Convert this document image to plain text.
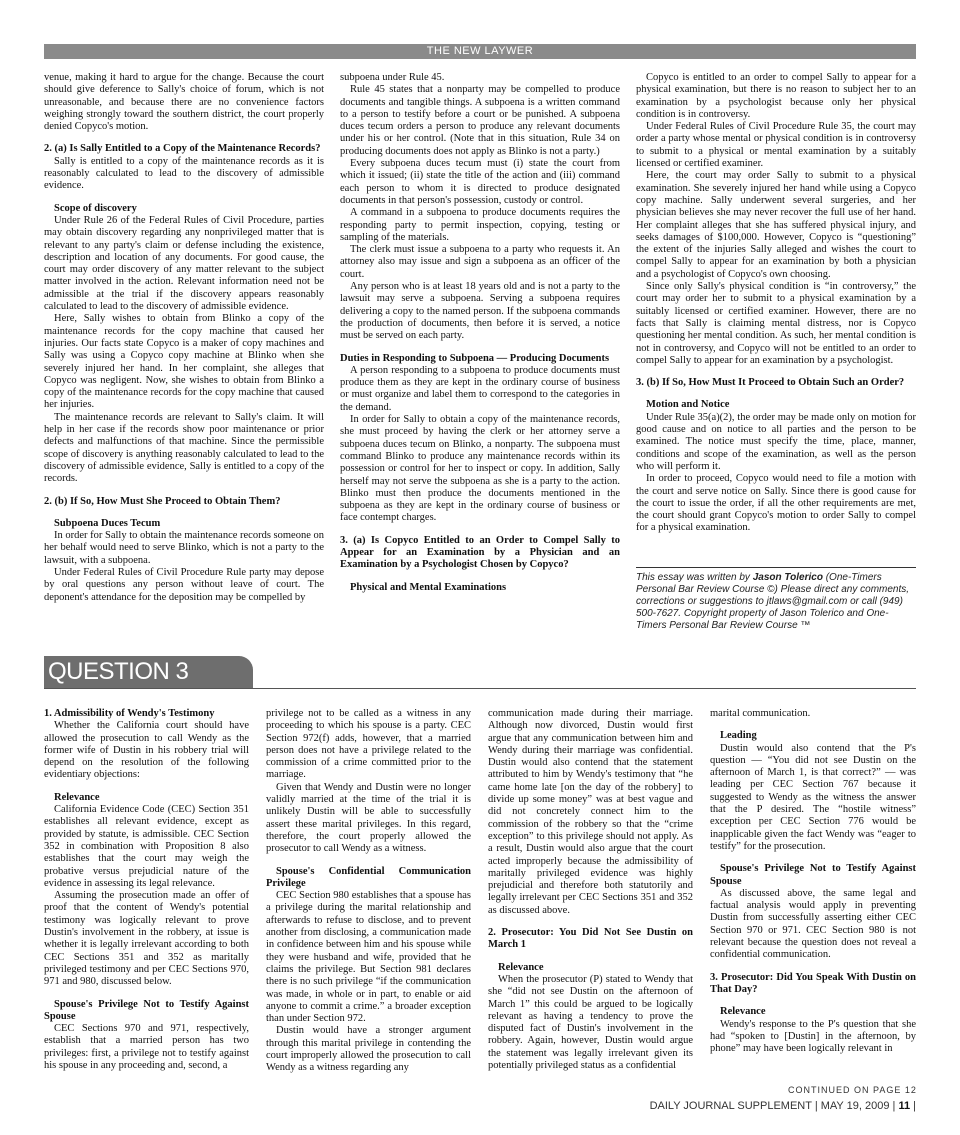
THE NEW LAYWER

venue, making it hard to argue for the change. Because the court should give deference to Sally's choice of forum, which is not unreasonable, and because there are no convenience factors weighing strongly toward the southern district, the court properly denied Copyco's motion.

2. (a) Is Sally Entitled to a Copy of the Maintenance Records?

Sally is entitled to a copy of the maintenance records as it is reasonably calculated to lead to the discovery of admissible evidence.

Scope of discovery

Under Rule 26 of the Federal Rules of Civil Procedure, parties may obtain discovery regarding any nonprivileged matter that is relevant to any party's claim or defense including the existence, description and location of any documents. For good cause, the court may order discovery of any matter relevant to the subject matter involved in the action. Relevant information need not be admissible at the trial if the discovery appears reasonably calculated to lead to the discovery of admissible evidence.

Here, Sally wishes to obtain from Blinko a copy of the maintenance records for the copy machine that caused her injuries. Our facts state Copyco is a maker of copy machines and Sally was using a Copyco copy machine at Blinko when she severely injured her hand. In her complaint, she alleges that Copyco was negligent. Now, she wishes to obtain from Blinko a copy of the maintenance records for the copy machine that caused her injuries.

The maintenance records are relevant to Sally's claim. It will help in her case if the records show poor maintenance or prior defects and malfunctions of that machine. Since the permissible scope of discovery is anything reasonably calculated to lead to the discovery of admissible evidence, Sally is entitled to a copy of the records.

2. (b) If So, How Must She Proceed to Obtain Them?

Subpoena Duces Tecum

In order for Sally to obtain the maintenance records someone on her behalf would need to serve Blinko, which is not a party to the lawsuit, with a subpoena.

Under Federal Rules of Civil Procedure Rule party may depose by oral questions any person without leave of court. The deponent's attendance for the deposition may be compelled by

subpoena under Rule 45.

Rule 45 states that a nonparty may be compelled to produce documents and tangible things. A subpoena is a written command to a person to testify before a court or be punished. A subpoena duces tecum orders a person to produce any relevant documents under his or her control. (Note that in this situation, Rule 34 on producing documents does not apply as Blinko is not a party.)

Every subpoena duces tecum must (i) state the court from which it issued; (ii) state the title of the action and (iii) command each person to whom it is directed to produce designated documents in that person's possession, custody or control.

A command in a subpoena to produce documents requires the responding party to permit inspection, copying, testing or sampling of the materials.

The clerk must issue a subpoena to a party who requests it. An attorney also may issue and sign a subpoena as an officer of the court.

Any person who is at least 18 years old and is not a party to the lawsuit may serve a subpoena. Serving a subpoena requires delivering a copy to the named person. If the subpoena commands the production of documents, then before it is served, a notice must be served on each party.

Duties in Responding to Subpoena — Producing Documents

A person responding to a subpoena to produce documents must produce them as they are kept in the ordinary course of business or must organize and label them to correspond to the categories in the demand.

In order for Sally to obtain a copy of the maintenance records, she must proceed by having the clerk or her attorney serve a subpoena duces tecum on Blinko, a nonparty. The subpoena must command Blinko to produce any maintenance records within its possession or control for her to inspect or copy. In addition, Sally herself may not serve the subpoena as she is a party to the action. Blinko must then produce the documents mentioned in the subpoena as they are kept in the ordinary course of business or face contempt charges.

3. (a) Is Copyco Entitled to an Order to Compel Sally to Appear for an Examination by a Physician and an Examination by a Psychologist Chosen by Copyco?

Physical and Mental Examinations

Copyco is entitled to an order to compel Sally to appear for a physical examination, but there is no reason to subject her to an examination by a psychologist because only her physical condition is in controversy.

Under Federal Rules of Civil Procedure Rule 35, the court may order a party whose mental or physical condition is in controversy to submit to a physical or mental examination by a suitably licensed or certified examiner.

Here, the court may order Sally to submit to a physical examination. She severely injured her hand while using a Copyco copy machine. Sally underwent several surgeries, and her physician believes she may never recover the full use of her hand. Her complaint alleges that she has suffered physical injury, and seeks damages of $100,000. However, Copyco is “questioning” the extent of the injuries Sally alleged and wishes the court to compel Sally to appear for an examination by both a physician and a psychologist of Copyco's own choosing.

Since only Sally's physical condition is “in controversy,” the court may order her to submit to a physical examination by a suitably licensed or certified examiner. However, there are no facts that Sally is claiming mental distress, nor is Copyco questioning her mental condition. As such, her mental condition is not in controversy, and Copyco will not be entitled to an order to compel Sally to appear for an examination by a psychologist.

3. (b) If So, How Must It Proceed to Obtain Such an Order?

Motion and Notice

Under Rule 35(a)(2), the order may be made only on motion for good cause and on notice to all parties and the person to be examined. The notice must specify the time, place, manner, conditions and scope of the examination, as well as the person who will perform it.

In order to proceed, Copyco would need to file a motion with the court and serve notice on Sally. Since there is good cause for the court to issue the order, if all the other requirements are met, the court should grant Copyco's motion to order Sally to compel for a physical examination.

This essay was written by Jason Tolerico (One-Timers Personal Bar Review Course ©) Please direct any comments, corrections or suggestions to jtlaws@gmail.com or call (949) 500-7627. Copyright property of Jason Tolerico and One-Timers Personal Bar Review Course ™
QUESTION 3

1. Admissibility of Wendy's Testimony

Whether the California court should have allowed the prosecution to call Wendy as the former wife of Dustin in his robbery trial will depend on the resolution of the following evidentiary objections:

Relevance

California Evidence Code (CEC) Section 351 establishes all relevant evidence, except as provided by statute, is admissible. CEC Section 352 in combination with Proposition 8 also establishes that the court may weigh the probative versus prejudicial nature of the evidence in assessing its legal relevance.

Assuming the prosecution made an offer of proof that the content of Wendy's potential testimony was logically relevant to prove Dustin's involvement in the robbery, at issue is whether it is legally irrelevant according to both CEC Sections 351 and 352 as maritally privileged testimony and per CEC Sections 970, 971 and 980, discussed below.

Spouse's Privilege Not to Testify Against Spouse

CEC Sections 970 and 971, respectively, establish that a married person has two privileges: first, a privilege not to testify against his spouse in any proceeding and, second, a

privilege not to be called as a witness in any proceeding to which his spouse is a party. CEC Section 972(f) adds, however, that a married person does not have a privilege related to the commission of a crime committed prior to the marriage.

Given that Wendy and Dustin were no longer validly married at the time of the trial it is unlikely Dustin will be able to successfully assert these marital privileges. In this regard, therefore, the court properly allowed the prosecutor to call Wendy as a witness.

Spouse's Confidential Communication Privilege

CEC Section 980 establishes that a spouse has a privilege during the marital relationship and afterwards to refuse to disclose, and to prevent another from disclosing, a communication made in confidence between him and his spouse while they were husband and wife, provided that he claims the privilege. But Section 981 declares there is no such privilege “if the communication was made, in whole or in part, to enable or aid anyone to commit a crime.” a broader exception than under Section 972.

Dustin would have a stronger argument through this marital privilege in contending the court improperly allowed the prosecution to call Wendy as a witness regarding any

communication made during their marriage. Although now divorced, Dustin would first argue that any communication between him and Wendy during their marriage was confidential. Dustin would also contend that the statement attributed to him by Wendy's testimony that “he came home late [on the day of the robbery] to divide up some money” was at best vague and did not concretely connect him to the commission of the robbery so that the “crime exception” to this privilege should not apply. As a result, Dustin would also argue that the court acted improperly because the admissibility of maritally privileged evidence was highly prejudicial and therefore both statutorily and legally irrelevant per CEC Sections 351 and 352 as discussed above.

2. Prosecutor: You Did Not See Dustin on March 1

Relevance

When the prosecutor (P) stated to Wendy that she “did not see Dustin on the afternoon of March 1” this could be argued to be logically relevant as having a tendency to prove the disputed fact of Dustin's involvement in the robbery. Again, however, Dustin would argue the statement was legally irrelevant given its potentially privileged status as a confidential

marital communication.

Leading

Dustin would also contend that the P's question — “You did not see Dustin on the afternoon of March 1, is that correct?” — was leading per CEC Section 767 because it suggested to Wendy as the witness the answer that the P desired. The “hostile witness” exception per CEC Section 776 would be inapplicable given the fact Wendy was “eager to testify” for the prosecution.

Spouse's Privilege Not to Testify Against Spouse

As discussed above, the same legal and factual analysis would apply in preventing Dustin from successfully asserting either CEC Section 970 or 971. CEC Section 980 is not relevant because the question does not reveal a confidential communication.

3. Prosecutor: Did You Speak With Dustin on That Day?

Relevance

Wendy's response to the P's question that she had “spoken to [Dustin] in the afternoon, by phone” may have been logically relevant in

CONTINUED ON PAGE 12
DAILY JOURNAL SUPPLEMENT | MAY 19, 2009 | 11 |
